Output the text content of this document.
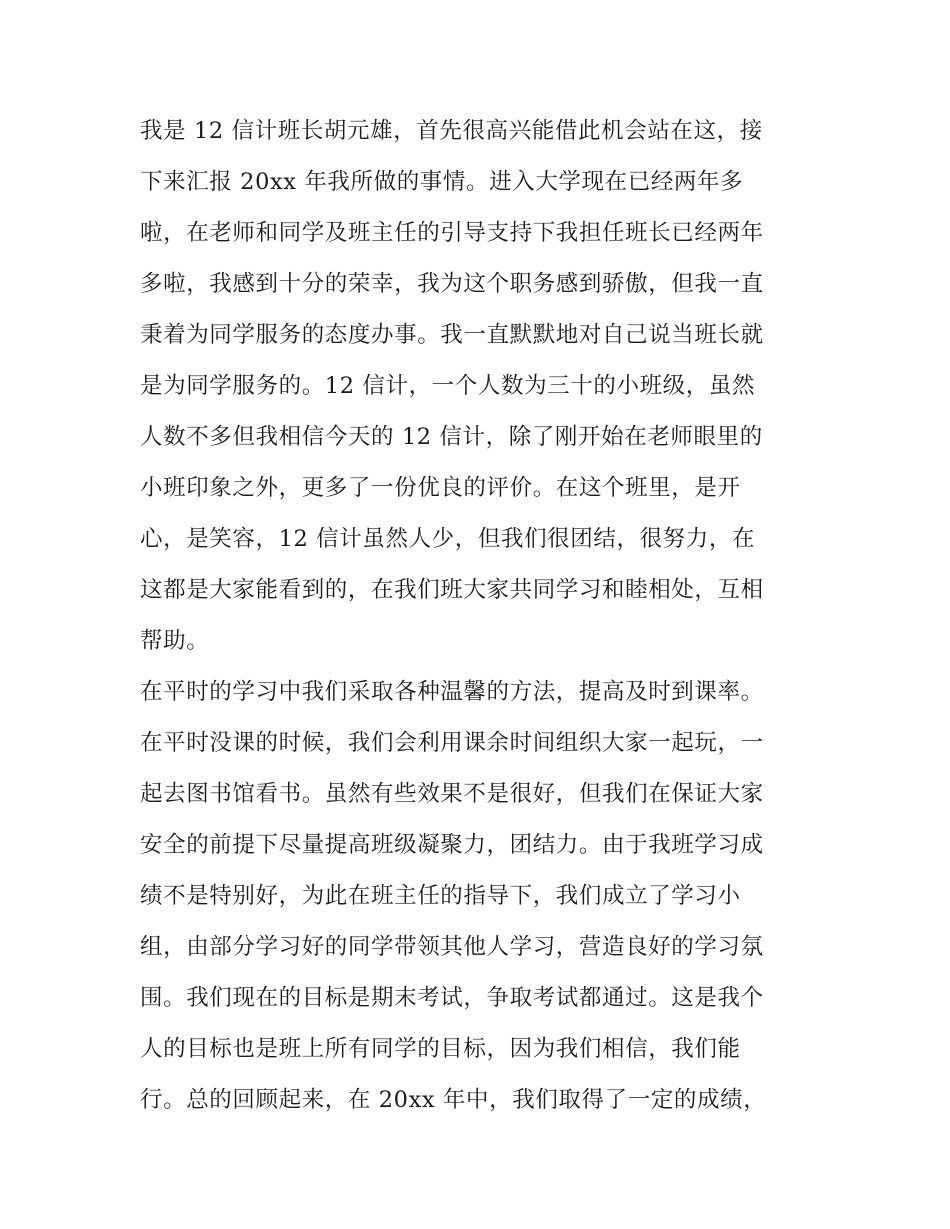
我是 12 信计班长胡元雄，首先很高兴能借此机会站在这，接
下来汇报 20xx 年我所做的事情。进入大学现在已经两年多
啦，在老师和同学及班主任的引导支持下我担任班长已经两年
多啦，我感到十分的荣幸，我为这个职务感到骄傲，但我一直
秉着为同学服务的态度办事。我一直默默地对自己说当班长就
是为同学服务的。12 信计，一个人数为三十的小班级，虽然
人数不多但我相信今天的 12 信计，除了刚开始在老师眼里的
小班印象之外，更多了一份优良的评价。在这个班里，是开
心，是笑容，12 信计虽然人少，但我们很团结，很努力，在
这都是大家能看到的，在我们班大家共同学习和睦相处，互相
帮助。
在平时的学习中我们采取各种温馨的方法，提高及时到课率。
在平时没课的时候，我们会利用课余时间组织大家一起玩，一
起去图书馆看书。虽然有些效果不是很好，但我们在保证大家
安全的前提下尽量提高班级凝聚力，团结力。由于我班学习成
绩不是特别好，为此在班主任的指导下，我们成立了学习小
组，由部分学习好的同学带领其他人学习，营造良好的学习氛
围。我们现在的目标是期末考试，争取考试都通过。这是我个
人的目标也是班上所有同学的目标，因为我们相信，我们能
行。总的回顾起来，在 20xx 年中，我们取得了一定的成绩，
